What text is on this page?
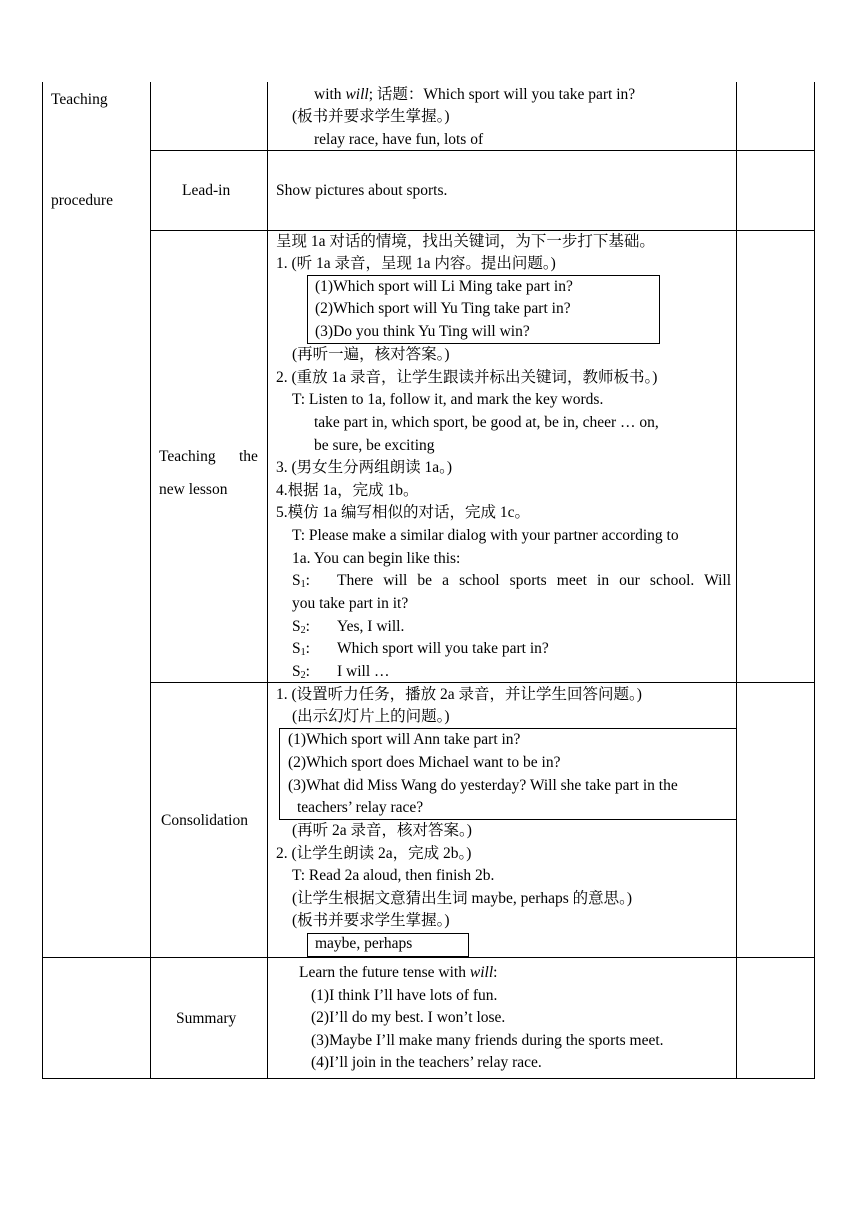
Teaching
procedure
with will; 话题：Which sport will you take part in?
(板书并要求学生掌握。)
relay race, have fun, lots of
Lead-in	Show pictures about sports.
Teaching the
new lesson
呈现 1a 对话的情境，找出关键词，为下一步打下基础。
1. (听 1a 录音，呈现 1a 内容。提出问题。)
(1)Which sport will Li Ming take part in?
(2)Which sport will Yu Ting take part in?
(3)Do you think Yu Ting will win?
(再听一遍，核对答案。)
2. (重放 1a 录音，让学生跟读并标出关键词，教师板书。)
T: Listen to 1a, follow it, and mark the key words.
take part in, which sport, be good at, be in, cheer … on,
be sure, be exciting
3. (男女生分两组朗读 1a。)
4.根据 1a，完成 1b。
5.模仿 1a 编写相似的对话，完成 1c。
T: Please make a similar dialog with your partner according to
1a. You can begin like this:
$S_1$: There will be a school sports meet in our school. Will
you take part in it?
$S_2$: Yes, I will.
$S_1$: Which sport will you take part in?
$S_2$: I will …
Consolidation
1. (设置听力任务，播放 2a 录音，并让学生回答问题。)
(出示幻灯片上的问题。)
(1)Which sport will Ann take part in?
(2)Which sport does Michael want to be in?
(3)What did Miss Wang do yesterday? Will she take part in the
teachers’ relay race?
(再听 2a 录音，核对答案。)
2. (让学生朗读 2a，完成 2b。)
T: Read 2a aloud, then finish 2b.
(让学生根据文意猜出生词 maybe, perhaps 的意思。)
(板书并要求学生掌握。)
maybe, perhaps
Summary
Learn the future tense with will:
(1)I think I’ll have lots of fun.
(2)I’ll do my best. I won’t lose.
(3)Maybe I’ll make many friends during the sports meet.
(4)I’ll join in the teachers’ relay race.
